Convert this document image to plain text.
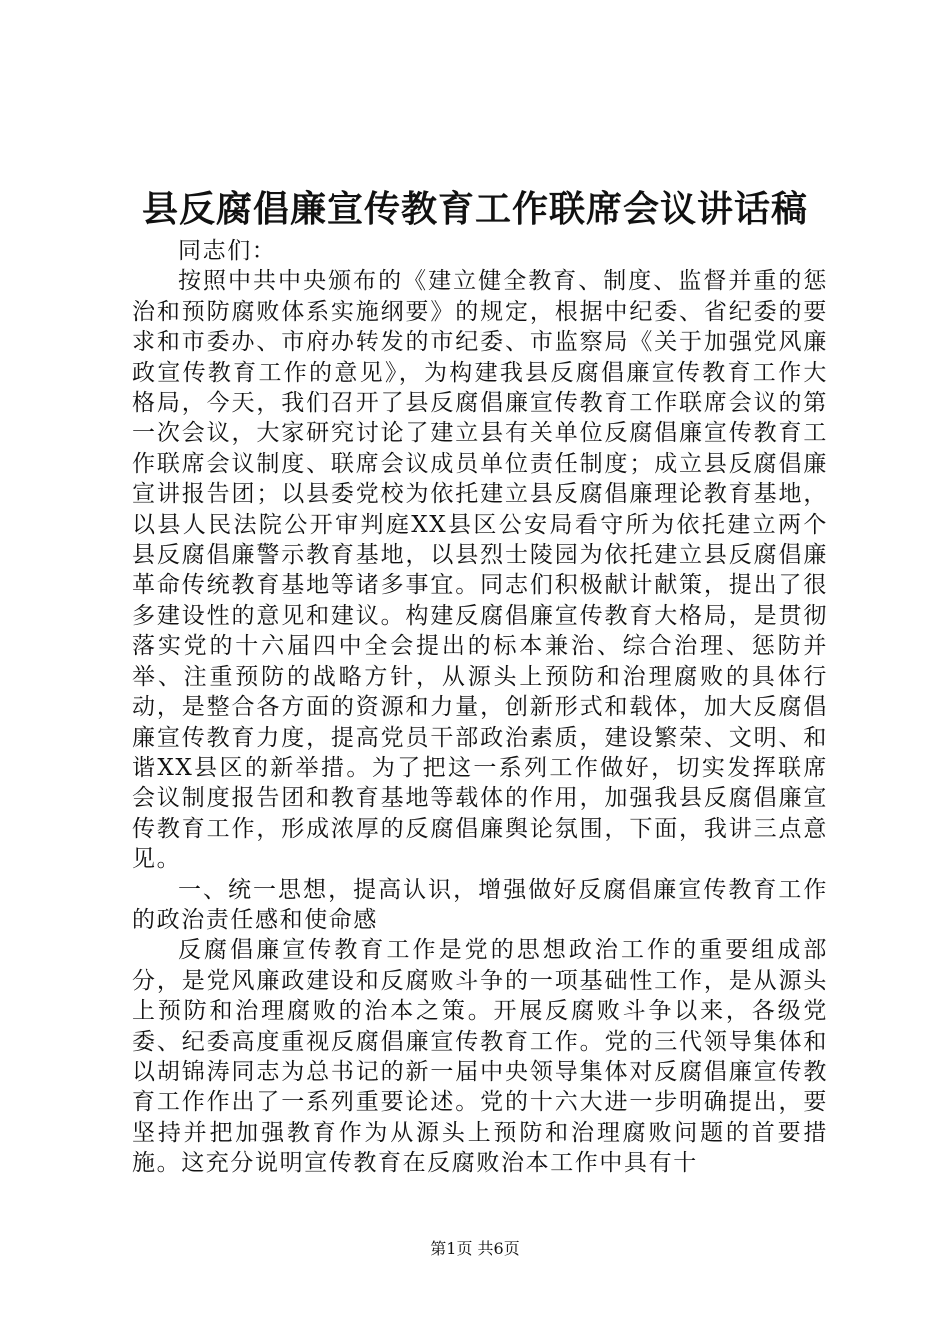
县反腐倡廉宣传教育工作联席会议讲话稿

同志们：

按照中共中央颁布的《建立健全教育、制度、监督并重的惩治和预防腐败体系实施纲要》的规定，根据中纪委、省纪委的要求和市委办、市府办转发的市纪委、市监察局《关于加强党风廉政宣传教育工作的意见》，为构建我县反腐倡廉宣传教育工作大格局，今天，我们召开了县反腐倡廉宣传教育工作联席会议的第一次会议，大家研究讨论了建立县有关单位反腐倡廉宣传教育工作联席会议制度、联席会议成员单位责任制度；成立县反腐倡廉宣讲报告团；以县委党校为依托建立县反腐倡廉理论教育基地，以县人民法院公开审判庭XX县区公安局看守所为依托建立两个县反腐倡廉警示教育基地，以县烈士陵园为依托建立县反腐倡廉革命传统教育基地等诸多事宜。同志们积极献计献策，提出了很多建设性的意见和建议。构建反腐倡廉宣传教育大格局，是贯彻落实党的十六届四中全会提出的标本兼治、综合治理、惩防并举、注重预防的战略方针，从源头上预防和治理腐败的具体行动，是整合各方面的资源和力量，创新形式和载体，加大反腐倡廉宣传教育力度，提高党员干部政治素质，建设繁荣、文明、和谐XX县区的新举措。为了把这一系列工作做好，切实发挥联席会议制度报告团和教育基地等载体的作用，加强我县反腐倡廉宣传教育工作，形成浓厚的反腐倡廉舆论氛围，下面，我讲三点意见。

一、统一思想，提高认识，增强做好反腐倡廉宣传教育工作的政治责任感和使命感

反腐倡廉宣传教育工作是党的思想政治工作的重要组成部分，是党风廉政建设和反腐败斗争的一项基础性工作，是从源头上预防和治理腐败的治本之策。开展反腐败斗争以来，各级党委、纪委高度重视反腐倡廉宣传教育工作。党的三代领导集体和以胡锦涛同志为总书记的新一届中央领导集体对反腐倡廉宣传教育工作作出了一系列重要论述。党的十六大进一步明确提出，要坚持并把加强教育作为从源头上预防和治理腐败问题的首要措施。这充分说明宣传教育在反腐败治本工作中具有十

第1页 共6页
